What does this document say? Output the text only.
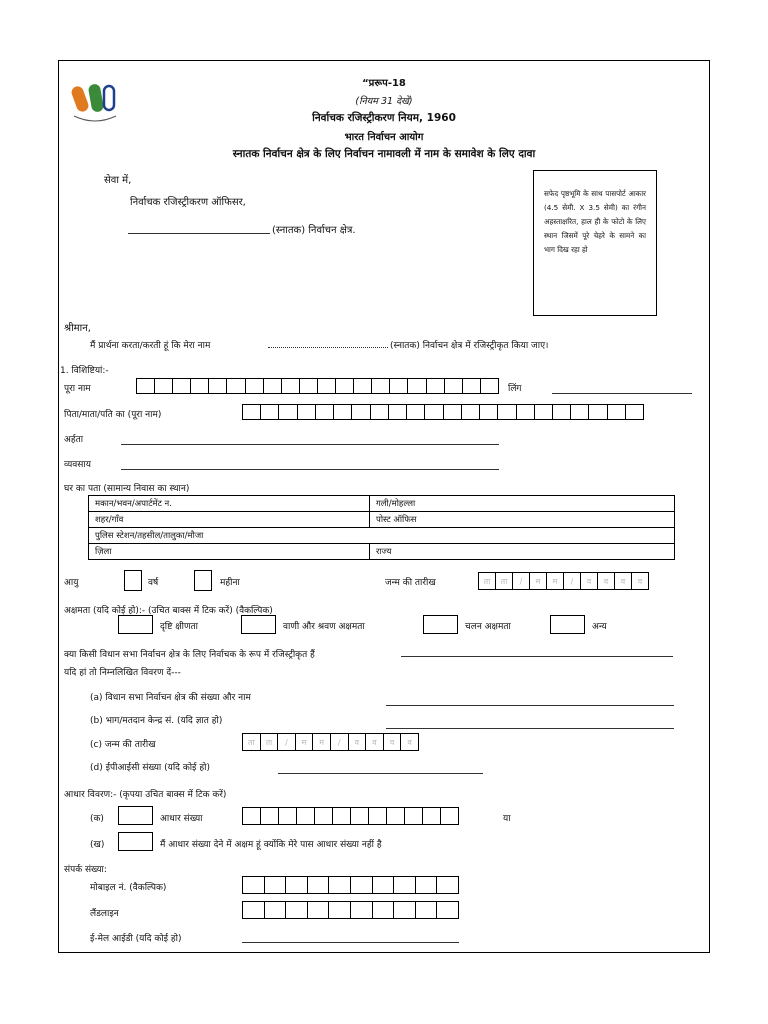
“प्ररूप-18
(नियम 31 देखें)
निर्वाचक रजिस्ट्रीकरण नियम, 1960
भारत निर्वाचन आयोग
स्नातक निर्वाचन क्षेत्र के लिए निर्वाचन नामावली में नाम के समावेश के लिए दावा
सेवा में,
निर्वाचक रजिस्ट्रीकरण ऑफिसर,
(स्नातक) निर्वाचन क्षेत्र.
सफेद पृष्ठभूमि के साथ पासपोर्ट आकार (4.5 सेमी. X 3.5 सेमी) का रंगीन अहस्ताक्षरित, हाल ही के फोटो के लिए स्थान जिसमें पूरे चेहरे के सामने का भाग दिख रहा हो
श्रीमान,
मैं प्रार्थना करता/करती हूं कि मेरा नाम	(स्नातक) निर्वाचन क्षेत्र में रजिस्ट्रीकृत किया जाए।
1. विशिष्टियां:-
पूरा नाम	लिंग
पिता/माता/पति का (पूरा नाम)
अर्हता
व्यवसाय
घर का पता (सामान्य निवास का स्थान)
मकान/भवन/अपार्टमेंट न.	गली/मोहल्ला
शहर/गाँव	पोस्ट ऑफिस
पुलिस स्टेशन/तहसील/तालुका/मौजा	
ज़िला	राज्य
आयु	वर्ष	महीना	जन्म की तारीख	ता	ता	/	म	म	/	व	व	व	व
अक्षमता (यदि कोई हो):- (उचित बाक्स में टिक करें) (वैकल्पिक)
दृष्टि क्षीणता	वाणी और श्रवण अक्षमता	चलन अक्षमता	अन्य
क्या किसी विधान सभा निर्वाचन क्षेत्र के लिए निर्वाचक के रूप में रजिस्ट्रीकृत हैं
यदि हां तो निम्नलिखित विवरण दें---
(a) विधान सभा निर्वाचन क्षेत्र की संख्या और नाम
(b) भाग/मतदान केन्द्र सं. (यदि ज्ञात हो)
(c) जन्म की तारीख	ता	ता	/	म	म	/	व	व	व	व
(d) ईपीआईसी संख्या (यदि कोई हो)
आधार विवरण:- (कृपया उचित बाक्स में टिक करें)
(क)	आधार संख्या	या
(ख)	मैं आधार संख्या देने में अक्षम हूं क्योंकि मेरे पास आधार संख्या नहीं है
संपर्क संख्या:
मोबाइल नं. (वैकल्पिक)
लैंडलाइन
ई-मेल आईडी (यदि कोई हो)
